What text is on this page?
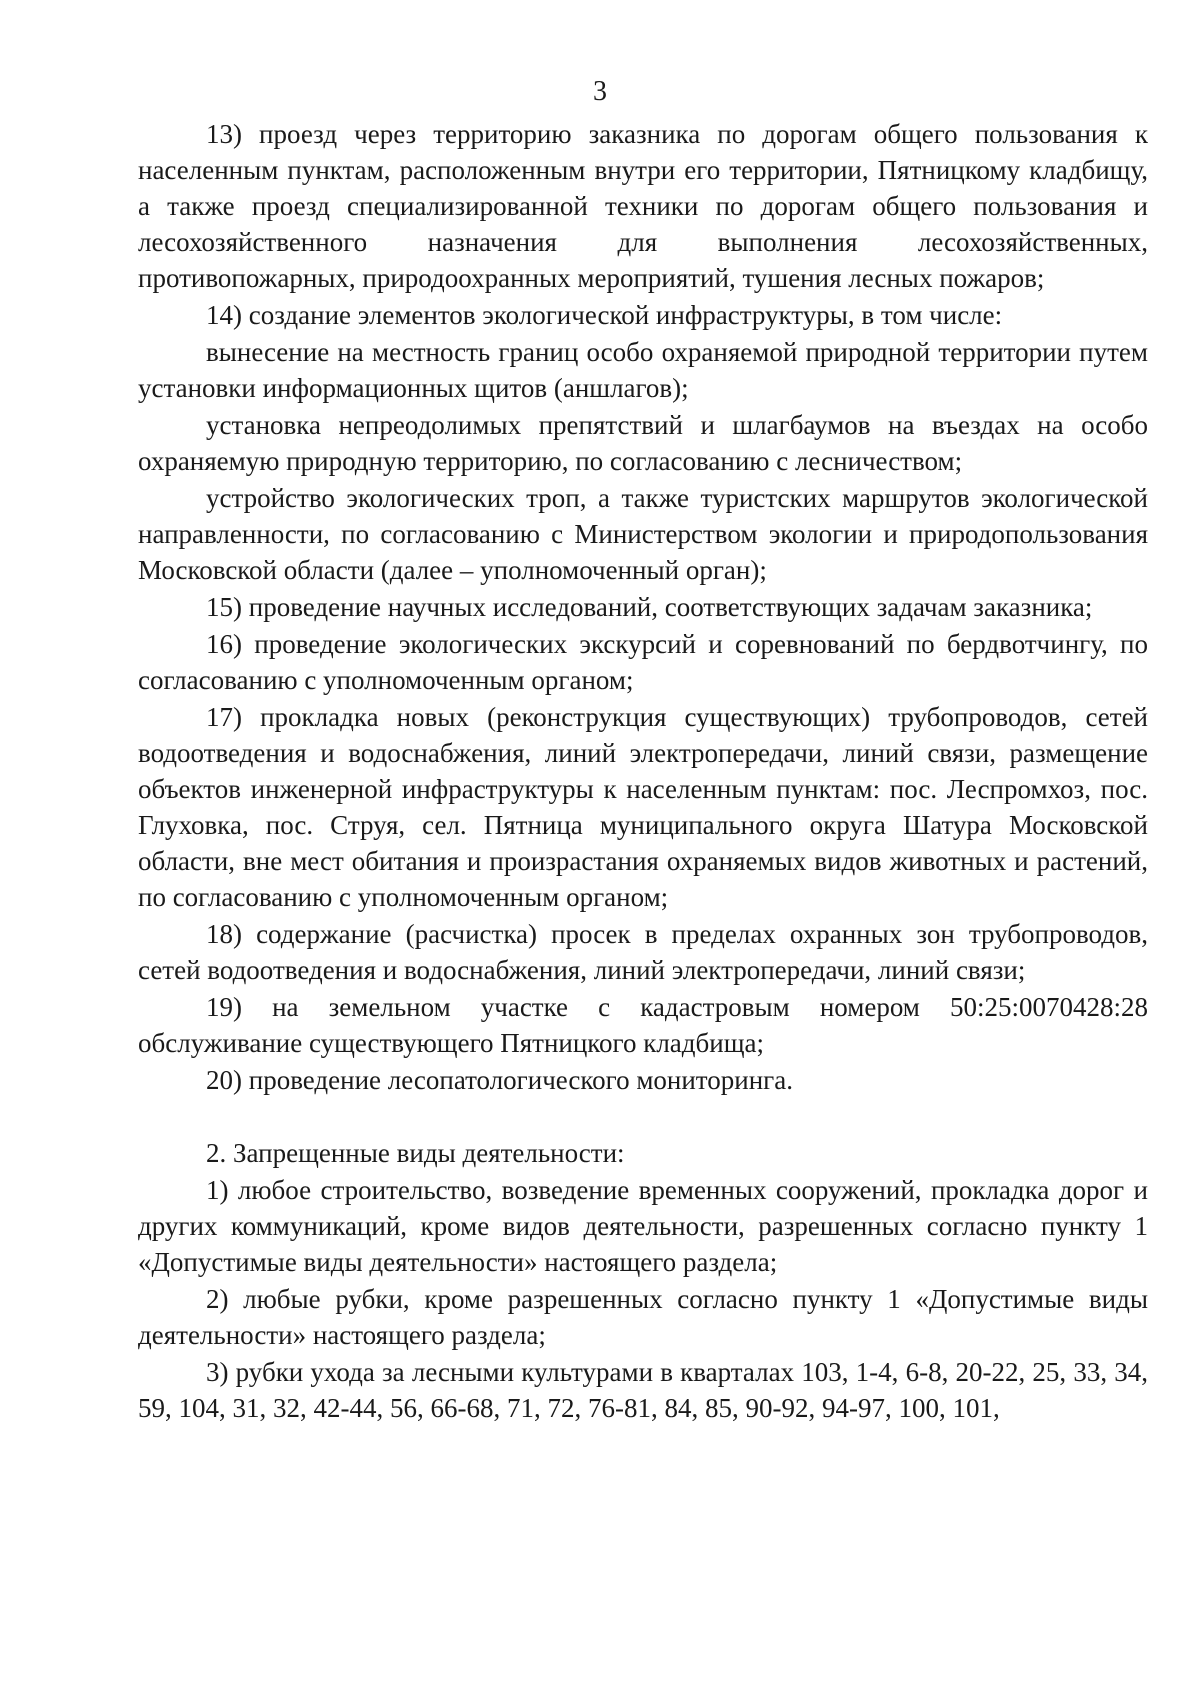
3

13) проезд через территорию заказника по дорогам общего пользования к населенным пунктам, расположенным внутри его территории, Пятницкому кладбищу, а также проезд специализированной техники по дорогам общего пользования и лесохозяйственного назначения для выполнения лесохозяйственных, противопожарных, природоохранных мероприятий, тушения лесных пожаров;

14) создание элементов экологической инфраструктуры, в том числе:

вынесение на местность границ особо охраняемой природной территории путем установки информационных щитов (аншлагов);

установка непреодолимых препятствий и шлагбаумов на въездах на особо охраняемую природную территорию, по согласованию с лесничеством;

устройство экологических троп, а также туристских маршрутов экологической направленности, по согласованию с Министерством экологии и природопользования Московской области (далее – уполномоченный орган);

15) проведение научных исследований, соответствующих задачам заказника;

16) проведение экологических экскурсий и соревнований по бердвотчингу, по согласованию с уполномоченным органом;

17) прокладка новых (реконструкция существующих) трубопроводов, сетей водоотведения и водоснабжения, линий электропередачи, линий связи, размещение объектов инженерной инфраструктуры к населенным пунктам: пос. Леспромхоз, пос. Глуховка, пос. Струя, сел. Пятница муниципального округа Шатура Московской области, вне мест обитания и произрастания охраняемых видов животных и растений, по согласованию с уполномоченным органом;

18) содержание (расчистка) просек в пределах охранных зон трубопроводов, сетей водоотведения и водоснабжения, линий электропередачи, линий связи;

19) на земельном участке с кадастровым номером 50:25:0070428:28 обслуживание существующего Пятницкого кладбища;

20) проведение лесопатологического мониторинга.

2. Запрещенные виды деятельности:

1) любое строительство, возведение временных сооружений, прокладка дорог и других коммуникаций, кроме видов деятельности, разрешенных согласно пункту 1 «Допустимые виды деятельности» настоящего раздела;

2) любые рубки, кроме разрешенных согласно пункту 1 «Допустимые виды деятельности» настоящего раздела;

3) рубки ухода за лесными культурами в кварталах 103, 1-4, 6-8, 20-22, 25, 33, 34, 59, 104, 31, 32, 42-44, 56, 66-68, 71, 72, 76-81, 84, 85, 90-92, 94-97, 100, 101,
